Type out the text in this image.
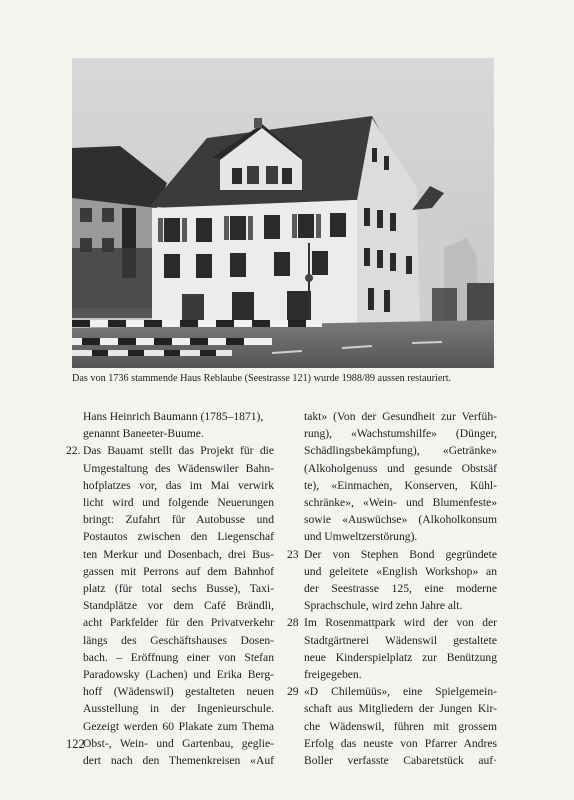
Das von 1736 stammende Haus Reblaube (Seestrasse 121) wurde 1988/89 aussen restauriert.
Hans Heinrich Baumann (1785–1871),
genannt Baneeter-Buume.
22. Das Bauamt stellt das Projekt für die
Umgestaltung des Wädenswiler Bahn-
hofplatzes vor, das im Mai verwirk
licht wird und folgende Neuerungen
bringt: Zufahrt für Autobusse und
Postautos zwischen den Liegenschaf
ten Merkur und Dosenbach, drei Bus-
gassen mit Perrons auf dem Bahnhof
platz (für total sechs Busse), Taxi-
Standplätze vor dem Café Brändli,
acht Parkfelder für den Privatverkehr
längs des Geschäftshauses Dosen-
bach. – Eröffnung einer von Stefan
Paradowsky (Lachen) und Erika Berg-
hoff (Wädenswil) gestalteten neuen
Ausstellung in der Ingenieurschule.
Gezeigt werden 60 Plakate zum Thema
Obst-, Wein- und Gartenbau, geglie-
dert nach den Themenkreisen «Auf
takt» (Von der Gesundheit zur Verfüh-
rung), «Wachstumshilfe» (Dünger,
Schädlingsbekämpfung), «Getränke»
(Alkoholgenuss und gesunde Obstsäf
te), «Einmachen, Konserven, Kühl-
schränke», «Wein- und Blumenfeste»
sowie «Auswüchse» (Alkoholkonsum
und Umweltzerstörung).
23 Der von Stephen Bond gegründete
und geleitete «English Workshop» an
der Seestrasse 125, eine moderne
Sprachschule, wird zehn Jahre alt.
28 Im Rosenmattpark wird der von der
Stadtgärtnerei Wädenswil gestaltete
neue Kinderspielplatz zur Benützung
freigegeben.
29 «D Chilemüüs», eine Spielgemein-
schaft aus Mitgliedern der Jungen Kir-
che Wädenswil, führen mit grossem
Erfolg das neuste von Pfarrer Andres
Boller verfasste Cabaretstück auf·
122
